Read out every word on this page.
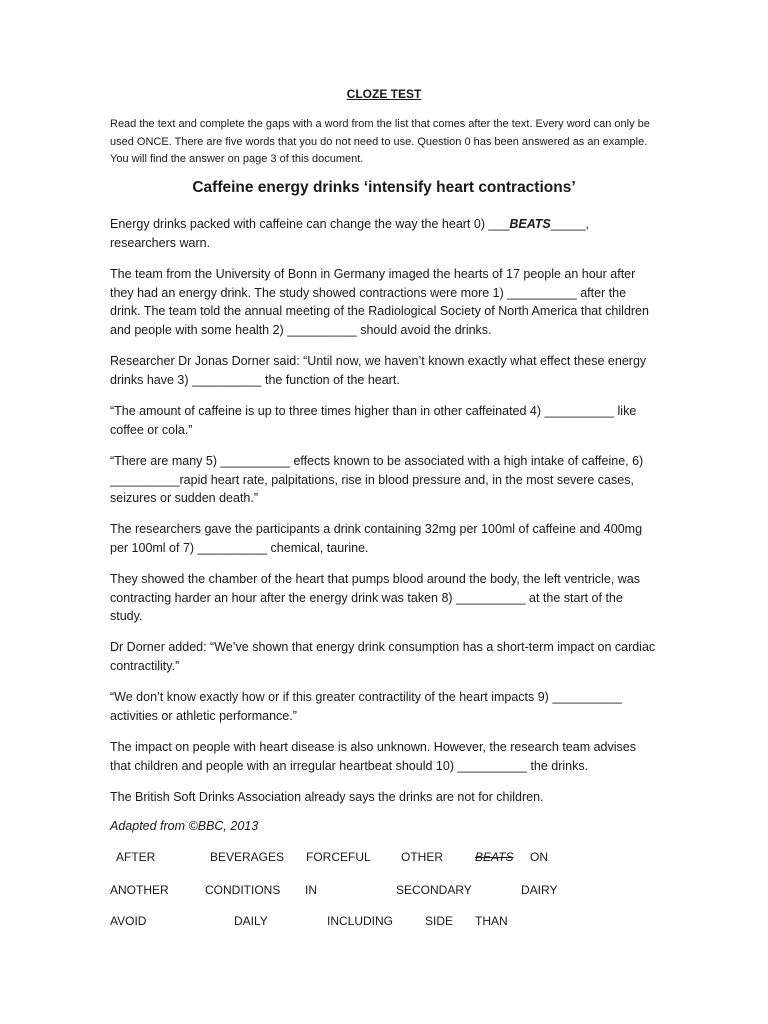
CLOZE TEST

Read the text and complete the gaps with a word from the list that comes after the text. Every word can only be used ONCE. There are five words that you do not need to use. Question 0 has been answered as an example. You will find the answer on page 3 of this document.

Caffeine energy drinks ‘intensify heart contractions’

Energy drinks packed with caffeine can change the way the heart 0) ___BEATS_____, researchers warn.

The team from the University of Bonn in Germany imaged the hearts of 17 people an hour after they had an energy drink. The study showed contractions were more 1) __________ after the drink. The team told the annual meeting of the Radiological Society of North America that children and people with some health 2) __________ should avoid the drinks.

Researcher Dr Jonas Dorner said: “Until now, we haven’t known exactly what effect these energy drinks have 3) __________ the function of the heart.

“The amount of caffeine is up to three times higher than in other caffeinated 4) __________ like coffee or cola.”

“There are many 5) __________ effects known to be associated with a high intake of caffeine, 6) __________rapid heart rate, palpitations, rise in blood pressure and, in the most severe cases, seizures or sudden death.”

The researchers gave the participants a drink containing 32mg per 100ml of caffeine and 400mg per 100ml of 7) __________ chemical, taurine.

They showed the chamber of the heart that pumps blood around the body, the left ventricle, was contracting harder an hour after the energy drink was taken 8) __________ at the start of the study.

Dr Dorner added: “We’ve shown that energy drink consumption has a short-term impact on cardiac contractility.”

“We don’t know exactly how or if this greater contractility of the heart impacts 9) __________ activities or athletic performance.”

The impact on people with heart disease is also unknown. However, the research team advises that children and people with an irregular heartbeat should 10) __________ the drinks.

The British Soft Drinks Association already says the drinks are not for children.

Adapted from ©BBC, 2013

AFTER	BEVERAGES FORCEFUL	OTHER	BEATS ON
ANOTHER	CONDITIONS IN	SECONDARY	DAIRY
AVOID	DAILY	INCLUDING	SIDE THAN
